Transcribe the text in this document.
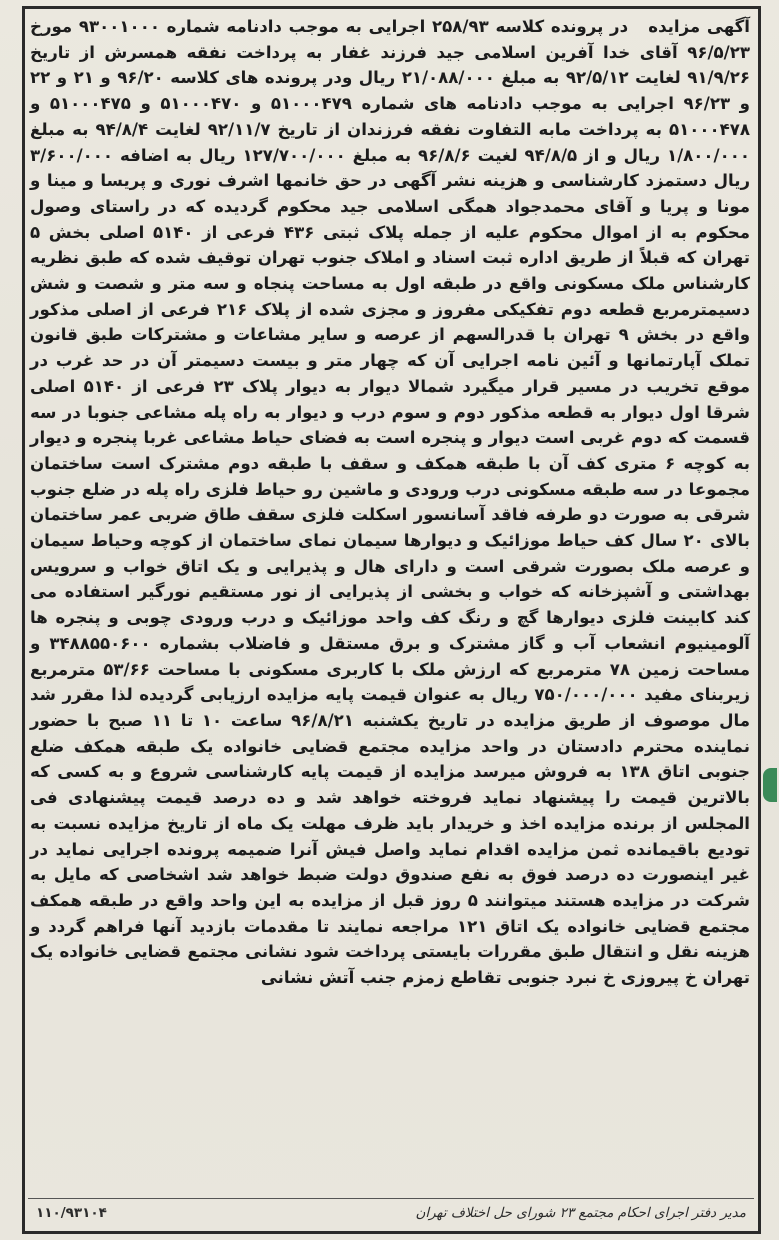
آگهی مزایده   در پرونده کلاسه ۲۵۸/۹۳ اجرایی به موجب دادنامه شماره ۹۳۰۰۱۰۰۰ مورخ ۹۶/۵/۲۳ آقای خدا آفرین اسلامی جید فرزند غفار به پرداخت نفقه همسرش از تاریخ ۹۱/۹/۲۶ لغایت ۹۲/۵/۱۲ به مبلغ ۲۱/۰۸۸/۰۰۰ ریال ودر پرونده های کلاسه ۹۶/۲۰ و ۲۱ و ۲۲ و ۹۶/۲۳ اجرایی به موجب دادنامه های شماره ۵۱۰۰۰۴۷۹ و ۵۱۰۰۰۴۷۰ و ۵۱۰۰۰۴۷۵ و ۵۱۰۰۰۴۷۸ به پرداخت مابه التفاوت نفقه فرزندان از تاریخ ۹۲/۱۱/۷ لغایت ۹۴/۸/۴ به مبلغ ۱/۸۰۰/۰۰۰ ریال و از ۹۴/۸/۵ لغیت ۹۶/۸/۶ به مبلغ ۱۲۷/۷۰۰/۰۰۰ ریال به اضافه ۳/۶۰۰/۰۰۰ ریال دستمزد کارشناسی و هزینه نشر آگهی در حق خانمها اشرف نوری و پریسا و مینا و مونا و پریا و آقای محمدجواد همگی اسلامی جید محکوم گردیده که در راستای وصول محکوم به از اموال محکوم علیه از جمله پلاک ثبتی ۴۳۶ فرعی از ۵۱۴۰ اصلی بخش ۵ تهران که قبلاً از طریق اداره ثبت اسناد و املاک جنوب تهران توقیف شده که طبق نظریه کارشناس ملک مسکونی واقع در طبقه اول به مساحت پنجاه و سه متر و شصت و شش دسیمترمربع قطعه دوم تفکیکی مفروز و مجزی شده از پلاک ۲۱۶ فرعی از اصلی مذکور واقع در بخش ۹ تهران با قدرالسهم از عرصه و سایر مشاعات و مشترکات طبق قانون تملک آپارتمانها و آئین نامه اجرایی آن که چهار متر و بیست دسیمتر آن در حد غرب در موقع تخریب در مسیر قرار میگیرد شمالا دیوار به دیوار پلاک ۲۳ فرعی از ۵۱۴۰ اصلی شرقا اول دیوار به قطعه مذکور دوم و سوم درب و دیوار به راه پله مشاعی جنوبا در سه قسمت که دوم غربی است دیوار و پنجره است به فضای حیاط مشاعی غربا پنجره و دیوار به کوچه ۶ متری کف آن با طبقه همکف و سقف با طبقه دوم مشترک است ساختمان مجموعا در سه طبقه مسکونی درب ورودی و ماشین رو حیاط فلزی راه پله در ضلع جنوب شرقی به صورت دو طرفه فاقد آسانسور اسکلت فلزی سقف طاق ضربی عمر ساختمان بالای ۲۰ سال کف حیاط موزائیک و دیوارها سیمان نمای ساختمان از کوچه وحیاط سیمان و عرصه ملک بصورت شرقی است و دارای هال و پذیرایی و یک اتاق خواب و سرویس بهداشتی و آشپزخانه که خواب و بخشی از پذیرایی از نور مستقیم نورگیر استفاده می کند کابینت فلزی دیوارها گچ و رنگ کف واحد موزائیک و درب ورودی چوبی و پنجره ها آلومینیوم انشعاب آب و گاز مشترک و برق مستقل و فاضلاب بشماره ۳۴۸۸۵۵۰۶۰۰ و مساحت زمین ۷۸ مترمربع که ارزش ملک با کاربری مسکونی با مساحت ۵۳/۶۶ مترمربع زیربنای مفید ۷۵۰/۰۰۰/۰۰۰ ریال به عنوان قیمت پایه مزایده ارزیابی گردیده لذا مقرر شد مال موصوف از طریق مزایده در تاریخ یکشنبه ۹۶/۸/۲۱ ساعت ۱۰ تا ۱۱ صبح با حضور نماینده محترم دادستان در واحد مزایده مجتمع قضایی خانواده یک طبقه همکف ضلع جنوبی اتاق ۱۳۸ به فروش میرسد مزایده از قیمت پایه کارشناسی شروع و به کسی که بالاترین قیمت را پیشنهاد نماید فروخته خواهد شد و ده درصد قیمت پیشنهادی فی المجلس از برنده مزایده اخذ و خریدار باید ظرف مهلت یک ماه از تاریخ مزایده نسبت به تودیع باقیمانده ثمن مزایده اقدام نماید واصل فیش آنرا ضمیمه پرونده اجرایی نماید در غیر اینصورت ده درصد فوق به نفع صندوق دولت ضبط خواهد شد اشخاصی که مایل به شرکت در مزایده هستند میتوانند ۵ روز قبل از مزایده به این واحد واقع در طبقه همکف مجتمع قضایی خانواده یک اتاق ۱۲۱ مراجعه نمایند تا مقدمات بازدید آنها فراهم گردد و هزینه نقل و انتقال طبق مقررات بایستی پرداخت شود نشانی مجتمع قضایی خانواده یک تهران خ پیروزی خ نبرد جنوبی تقاطع زمزم جنب آتش نشانی

مدیر دفتر اجرای احکام مجتمع ۲۳ شورای حل اختلاف تهران
۱۱۰/۹۳۱۰۴
